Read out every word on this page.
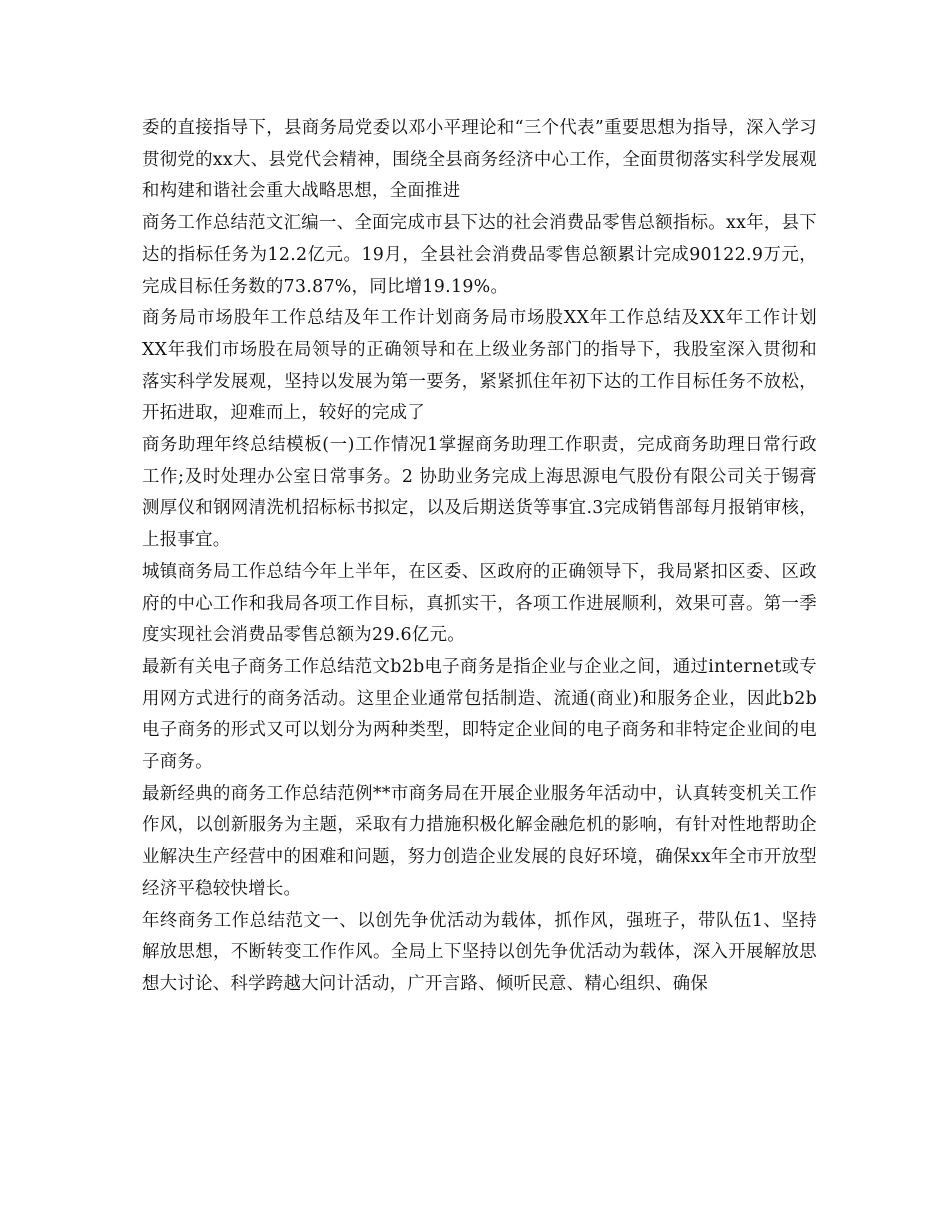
委的直接指导下，县商务局党委以邓小平理论和“三个代表”重要思想为指导，深入学习贯彻党的xx大、县党代会精神，围绕全县商务经济中心工作，全面贯彻落实科学发展观和构建和谐社会重大战略思想，全面推进

商务工作总结范文汇编一、全面完成市县下达的社会消费品零售总额指标。xx年，县下达的指标任务为12.2亿元。19月，全县社会消费品零售总额累计完成90122.9万元，完成目标任务数的73.87%，同比增19.19%。

商务局市场股年工作总结及年工作计划商务局市场股XX年工作总结及XX年工作计划XX年我们市场股在局领导的正确领导和在上级业务部门的指导下，我股室深入贯彻和落实科学发展观，坚持以发展为第一要务，紧紧抓住年初下达的工作目标任务不放松，开拓进取，迎难而上，较好的完成了

商务助理年终总结模板(一)工作情况1掌握商务助理工作职责，完成商务助理日常行政工作;及时处理办公室日常事务。2 协助业务完成上海思源电气股份有限公司关于锡膏测厚仪和钢网清洗机招标标书拟定，以及后期送货等事宜.3完成销售部每月报销审核，上报事宜。

城镇商务局工作总结今年上半年，在区委、区政府的正确领导下，我局紧扣区委、区政府的中心工作和我局各项工作目标，真抓实干，各项工作进展顺利，效果可喜。第一季度实现社会消费品零售总额为29.6亿元。

最新有关电子商务工作总结范文b2b电子商务是指企业与企业之间，通过internet或专用网方式进行的商务活动。这里企业通常包括制造、流通(商业)和服务企业，因此b2b电子商务的形式又可以划分为两种类型，即特定企业间的电子商务和非特定企业间的电子商务。

最新经典的商务工作总结范例**市商务局在开展企业服务年活动中，认真转变机关工作作风，以创新服务为主题，采取有力措施积极化解金融危机的影响，有针对性地帮助企业解决生产经营中的困难和问题，努力创造企业发展的良好环境，确保xx年全市开放型经济平稳较快增长。

年终商务工作总结范文一、以创先争优活动为载体，抓作风，强班子，带队伍1、坚持解放思想，不断转变工作作风。全局上下坚持以创先争优活动为载体，深入开展解放思想大讨论、科学跨越大问计活动，广开言路、倾听民意、精心组织、确保
